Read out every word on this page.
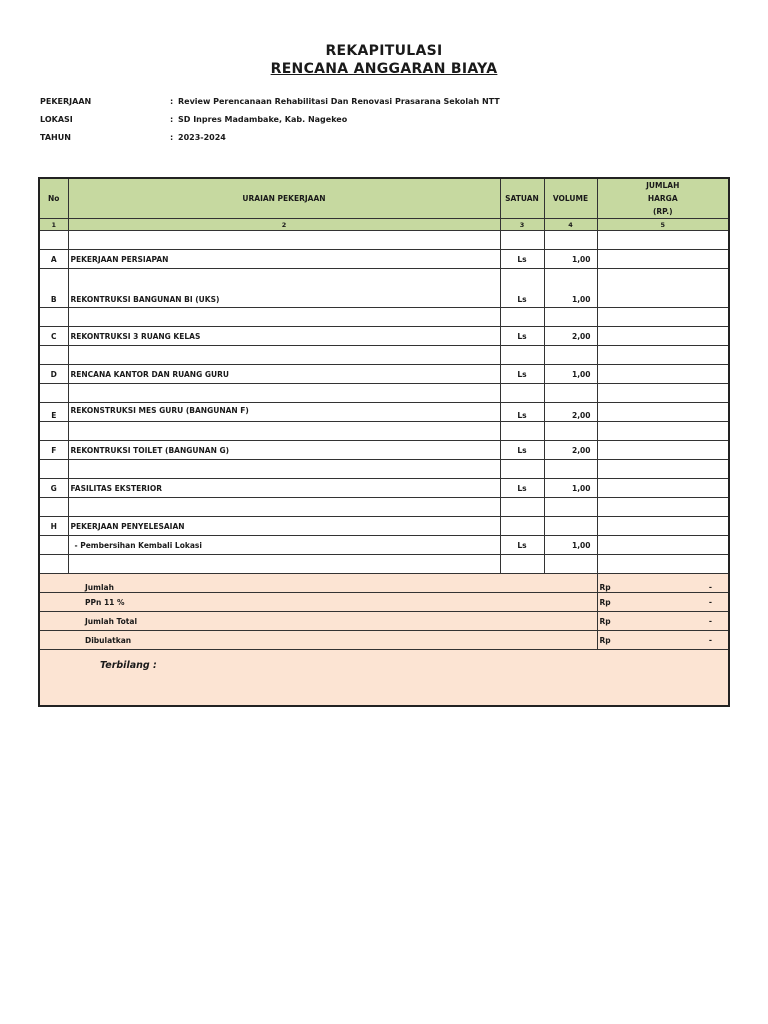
REKAPITULASI
RENCANA ANGGARAN BIAYA
PEKERJAAN	: Review Perencanaan Rehabilitasi Dan Renovasi Prasarana Sekolah NTT
LOKASI	: SD Inpres Madambake, Kab. Nagekeo
TAHUN	: 2023-2024
No	URAIAN PEKERJAAN	SATUAN	VOLUME	JUMLAH
HARGA
(RP.)
1	2	3	4	5

A	PEKERJAAN PERSIAPAN	Ls	1,00	
B	REKONTRUKSI BANGUNAN BI (UKS)	Ls	1,00	

C	REKONTRUKSI 3 RUANG KELAS	Ls	2,00	

D	RENCANA KANTOR DAN RUANG GURU	Ls	1,00	

E	REKONSTRUKSI MES GURU (BANGUNAN F)	Ls	2,00	

F	REKONTRUKSI TOILET (BANGUNAN G)	Ls	2,00	

G	FASILITAS EKSTERIOR	Ls	1,00	

H	PEKERJAAN PENYELESAIAN			
	- Pembersihan Kembali Lokasi	Ls	1,00	

	Jumlah			Rp -

	PPn 11 %			Rp -

	Jumlah Total			Rp -

	Dibulatkan			Rp -

Terbilang :				
